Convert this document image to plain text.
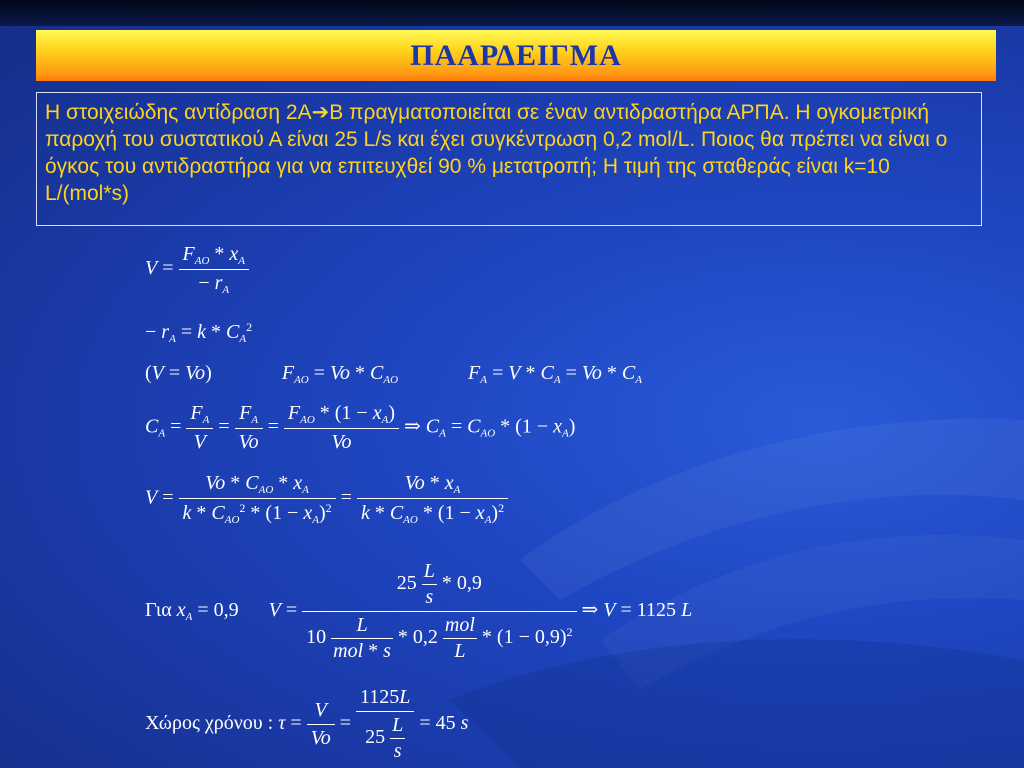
ΠΑΑΡΔΕΙΓΜΑ
Η στοιχειώδης αντίδραση 2Α➔Β πραγματοποιείται σε έναν αντιδραστήρα ΑΡΠΑ. Η ογκομετρική παροχή του συστατικού Α είναι 25 L/s και έχει συγκέντρωση 0,2 mol/L. Ποιος θα πρέπει να είναι ο όγκος του αντιδραστήρα για να επιτευχθεί 90 % μετατροπή; Η τιμή της σταθεράς είναι k=10 L/(mol*s)
$V = \frac{F_{AO} * x_A}{- r_A}$
− $r_A = k * C_A^2$
(V = Vo)	$F_{AO} = Vo * C_{AO}$	$F_A = V * C_A = Vo * C_A$
$C_A = \frac{F_A}{V} = \frac{F_A}{Vo} = \frac{F_{AO} * (1 - x_A)}{Vo}$ ⇒ $C_A = C_{AO} * (1 - x_A)$
$V = \frac{Vo * C_{AO} * x_A}{k * C_{AO}^2 * (1 - x_A)^2} = \frac{Vo * x_A}{k * C_{AO} * (1 - x_A)^2}$
Για $x_A = 0,9$ $V = \frac{25 \frac{L}{s} * 0,9}{10 \frac{L}{\text{mol * s}} * 0,2 \frac{\text{mol}}{L} * (1 - 0,9)^2}$ ⇒ V = 1125 L
Χώρος χρόνου : $\tau = \frac{V}{Vo} = \frac{1125L}{25 \frac{L}{s}} = 45$ s
